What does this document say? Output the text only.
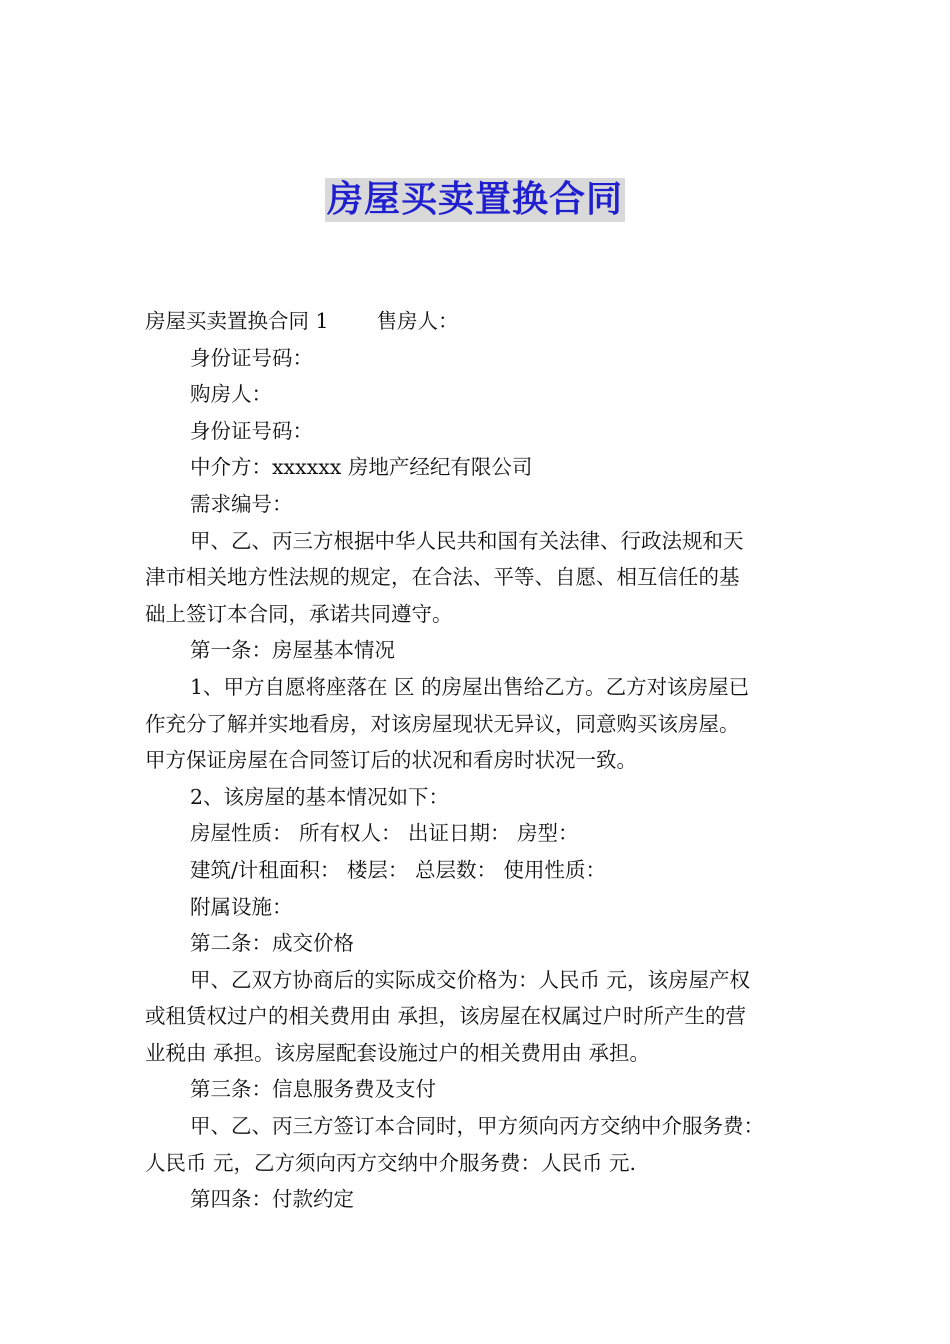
房屋买卖置换合同
房屋买卖置换合同 1 售房人：
身份证号码：
购房人：
身份证号码：
中介方：xxxxxx 房地产经纪有限公司
需求编号：
甲、乙、丙三方根据中华人民共和国有关法律、行政法规和天
津市相关地方性法规的规定，在合法、平等、自愿、相互信任的基
础上签订本合同，承诺共同遵守。
第一条：房屋基本情况
1、甲方自愿将座落在 区 的房屋出售给乙方。乙方对该房屋已
作充分了解并实地看房，对该房屋现状无异议，同意购买该房屋。
甲方保证房屋在合同签订后的状况和看房时状况一致。
2、该房屋的基本情况如下：
房屋性质： 所有权人： 出证日期： 房型：
建筑/计租面积： 楼层： 总层数： 使用性质：
附属设施：
第二条：成交价格
甲、乙双方协商后的实际成交价格为：人民币 元，该房屋产权
或租赁权过户的相关费用由 承担，该房屋在权属过户时所产生的营
业税由 承担。该房屋配套设施过户的相关费用由 承担。
第三条：信息服务费及支付
甲、乙、丙三方签订本合同时，甲方须向丙方交纳中介服务费：
人民币 元，乙方须向丙方交纳中介服务费：人民币 元.
第四条：付款约定
